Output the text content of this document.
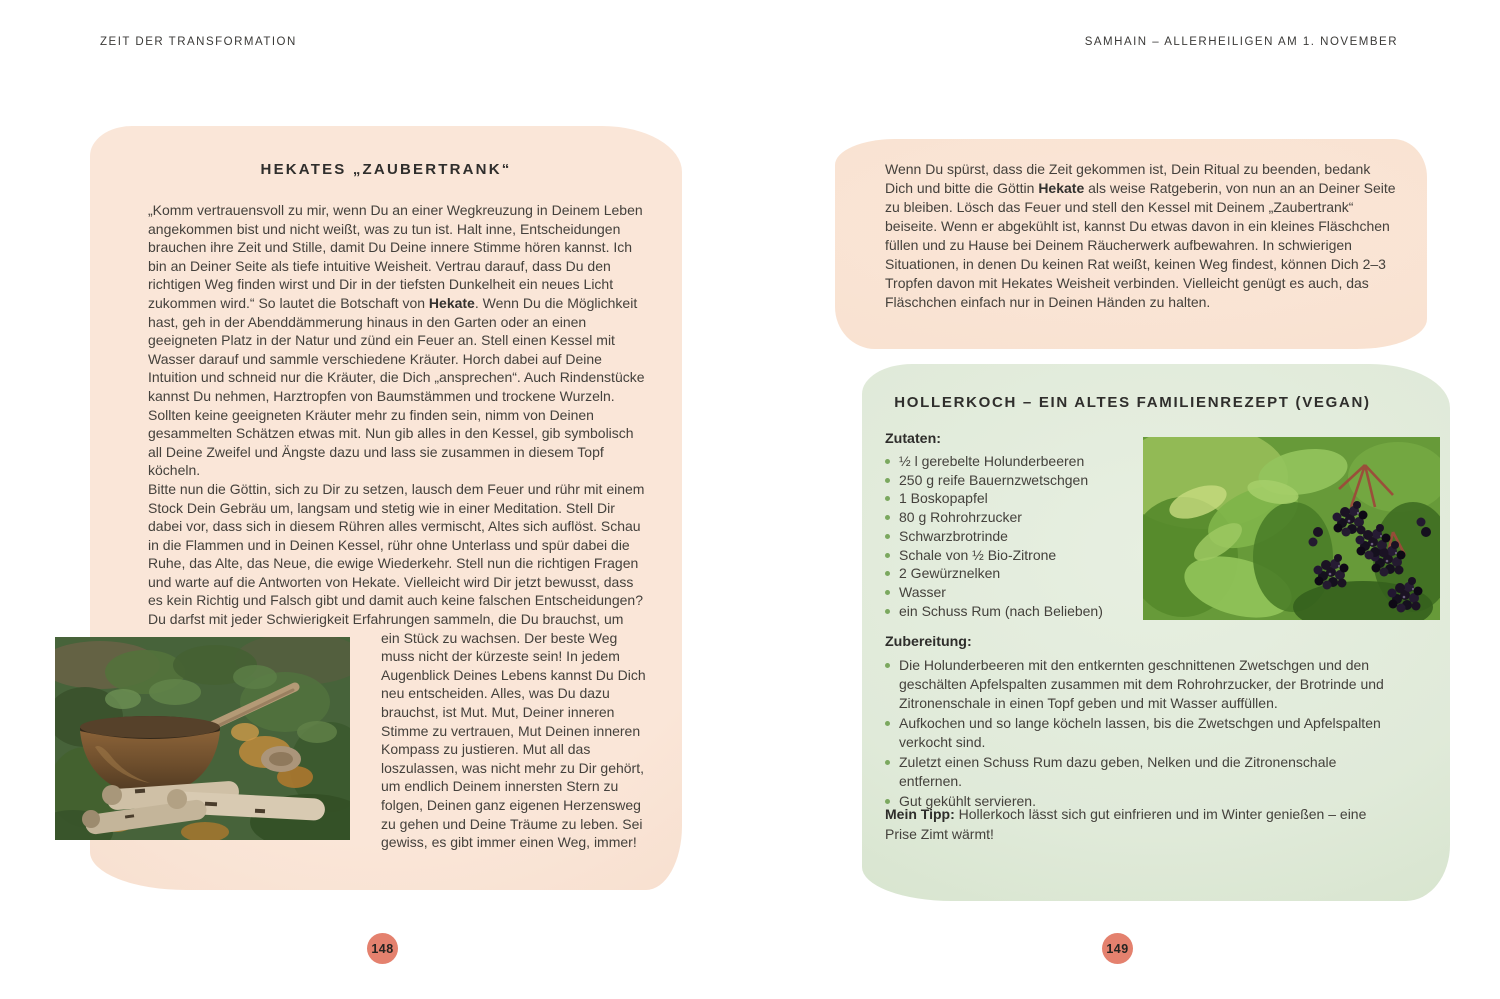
ZEIT DER TRANSFORMATION
HEKATES „ZAUBERTRANK“

„Komm vertrauensvoll zu mir, wenn Du an einer Wegkreuzung in Deinem Leben angekommen bist und nicht weißt, was zu tun ist. Halt inne, Entscheidungen brauchen ihre Zeit und Stille, damit Du Deine innere Stimme hören kannst. Ich bin an Deiner Seite als tiefe intuitive Weisheit. Vertrau darauf, dass Du den richtigen Weg finden wirst und Dir in der tiefsten Dunkelheit ein neues Licht zukommen wird.“ So lautet die Botschaft von Hekate. Wenn Du die Möglichkeit hast, geh in der Abenddämmerung hinaus in den Garten oder an einen geeigneten Platz in der Natur und zünd ein Feuer an. Stell einen Kessel mit Wasser darauf und sammle verschiedene Kräuter. Horch dabei auf Deine Intuition und schneid nur die Kräuter, die Dich „ansprechen“. Auch Rindenstücke kannst Du nehmen, Harztropfen von Baumstämmen und trockene Wurzeln. Sollten keine geeigneten Kräuter mehr zu finden sein, nimm von Deinen gesammelten Schätzen etwas mit. Nun gib alles in den Kessel, gib symbolisch all Deine Zweifel und Ängste dazu und lass sie zusammen in diesem Topf köcheln.

Bitte nun die Göttin, sich zu Dir zu setzen, lausch dem Feuer und rühr mit einem Stock Dein Gebräu um, langsam und stetig wie in einer Meditation. Stell Dir dabei vor, dass sich in diesem Rühren alles vermischt, Altes sich auflöst. Schau in die Flammen und in Deinen Kessel, rühr ohne Unterlass und spür dabei die Ruhe, das Alte, das Neue, die ewige Wiederkehr. Stell nun die richtigen Fragen und warte auf die Antworten von Hekate. Vielleicht wird Dir jetzt bewusst, dass es kein Richtig und Falsch gibt und damit auch keine falschen Entscheidungen? Du darfst mit jeder Schwierigkeit Erfahrungen sammeln, die Du brauchst, um

ein Stück zu wachsen. Der beste Weg muss nicht der kürzeste sein! In jedem Augenblick Deines Lebens kannst Du Dich neu entscheiden. Alles, was Du dazu brauchst, ist Mut. Mut, Deiner inneren Stimme zu vertrauen, Mut Deinen inneren Kompass zu justieren. Mut all das loszulassen, was nicht mehr zu Dir gehört, um endlich Deinem innersten Stern zu folgen, Deinen ganz eigenen Herzensweg zu gehen und Deine Träume zu leben. Sei gewiss, es gibt immer einen Weg, immer!

148
SAMHAIN – ALLERHEILIGEN AM 1. NOVEMBER
Wenn Du spürst, dass die Zeit gekommen ist, Dein Ritual zu beenden, bedank Dich und bitte die Göttin Hekate als weise Ratgeberin, von nun an an Deiner Seite zu bleiben. Lösch das Feuer und stell den Kessel mit Deinem „Zaubertrank“ beiseite. Wenn er abgekühlt ist, kannst Du etwas davon in ein kleines Fläschchen füllen und zu Hause bei Deinem Räucherwerk aufbewahren. In schwierigen Situationen, in denen Du keinen Rat weißt, keinen Weg findest, können Dich 2–3 Tropfen davon mit Hekates Weisheit verbinden. Vielleicht genügt es auch, das Fläschchen einfach nur in Deinen Händen zu halten.
HOLLERKOCH – EIN ALTES FAMILIENREZEPT (VEGAN)
Zutaten:
½ l gerebelte Holunderbeeren
250 g reife Bauernzwetschgen
1 Boskopapfel
80 g Rohrohrzucker
Schwarzbrotrinde
Schale von ½ Bio-Zitrone
2 Gewürznelken
Wasser
ein Schuss Rum (nach Belieben)
Zubereitung:
Die Holunderbeeren mit den entkernten geschnittenen Zwetschgen und den geschälten Apfelspalten zusammen mit dem Rohrohrzucker, der Brotrinde und Zitronenschale in einen Topf geben und mit Wasser auffüllen.
Aufkochen und so lange köcheln lassen, bis die Zwetschgen und Apfelspalten verkocht sind.
Zuletzt einen Schuss Rum dazu geben, Nelken und die Zitronenschale entfernen.
Gut gekühlt servieren.
Mein Tipp: Hollerkoch lässt sich gut einfrieren und im Winter genießen – eine Prise Zimt wärmt!
149
